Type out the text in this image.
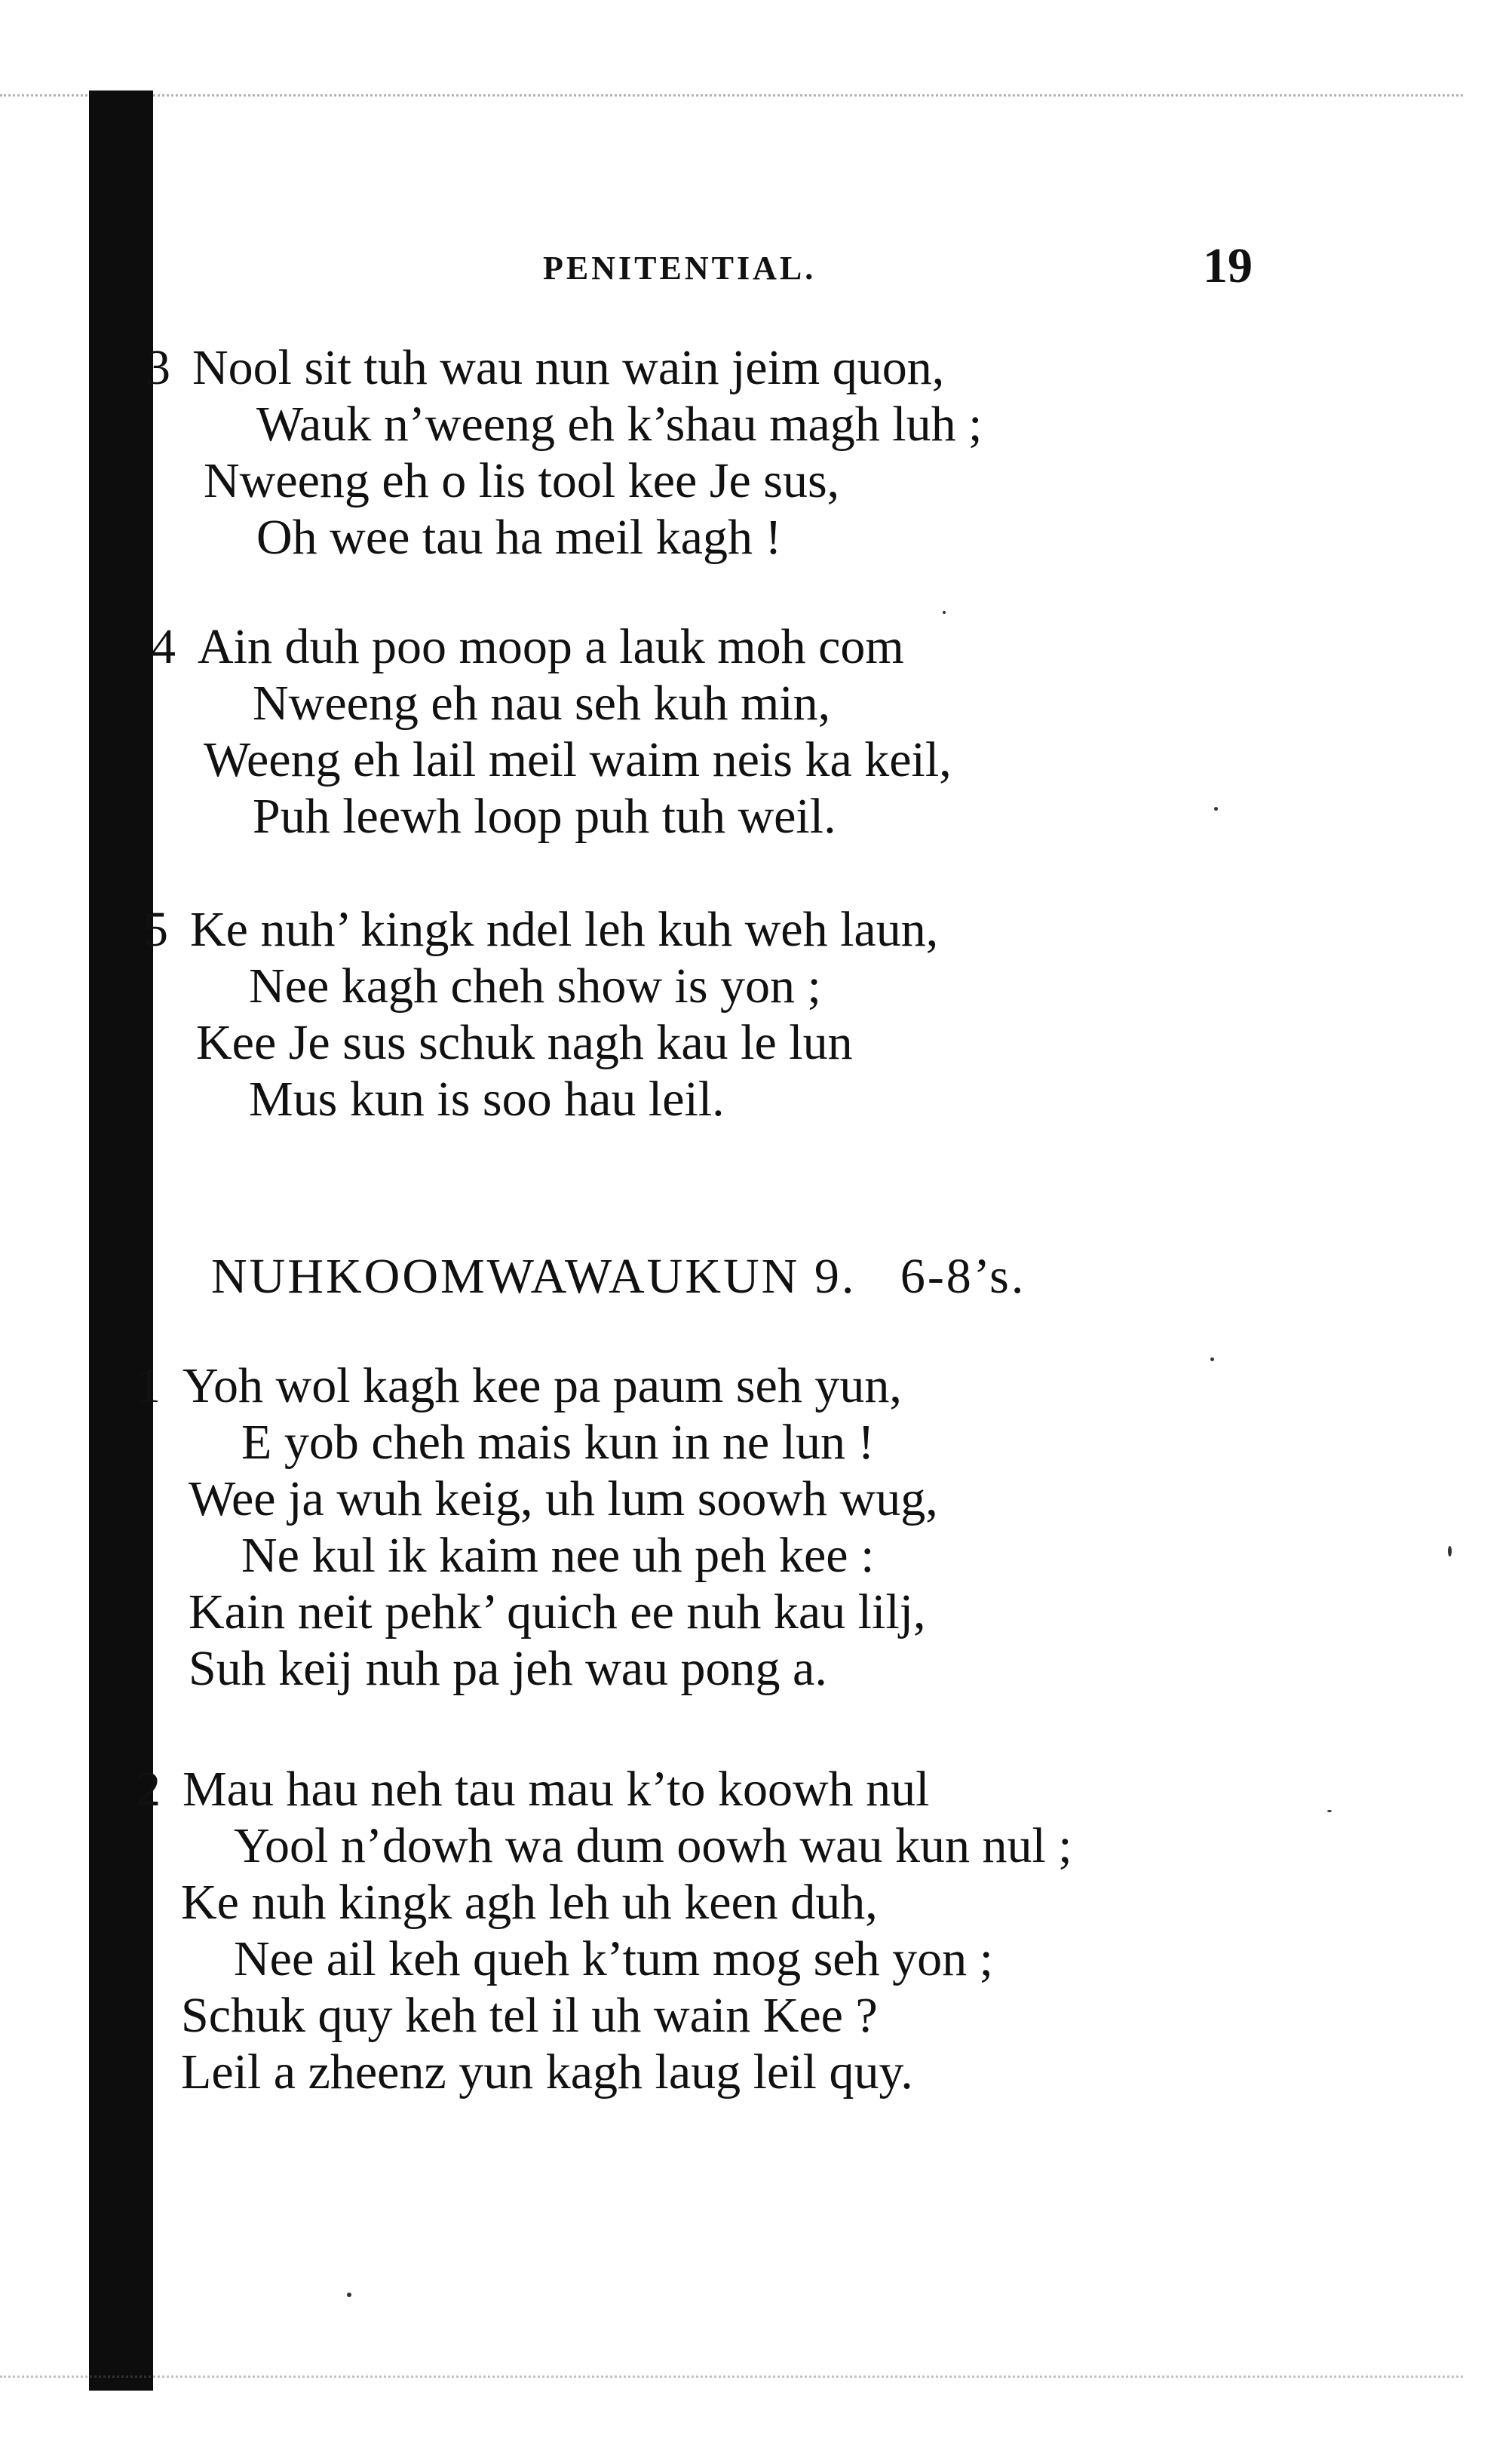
PENITENTIAL.	19
3 Nool sit tuh wau nun wain jeim quon,
Wauk n’weeng eh k’shau magh luh ;
Nweeng eh o lis tool kee Je sus,
Oh wee tau ha meil kagh !
4 Ain duh poo moop a lauk moh com
Nweeng eh nau seh kuh min,
Weeng eh lail meil waim neis ka keil,
Puh leewh loop puh tuh weil.
5 Ke nuh’ kingk ndel leh kuh weh laun,
Nee kagh cheh show is yon ;
Kee Je sus schuk nagh kau le lun
Mus kun is soo hau leil.
NUHKOOMWAWAUKUN 9. 6-8’s.
1 Yoh wol kagh kee pa paum seh yun,
E yob cheh mais kun in ne lun !
Wee ja wuh keig, uh lum soowh wug,
Ne kul ik kaim nee uh peh kee :
Kain neit pehk’ quich ee nuh kau lilj,
Suh keij nuh pa jeh wau pong a.
2 Mau hau neh tau mau k’to koowh nul
Yool n’dowh wa dum oowh wau kun nul ;
Ke nuh kingk agh leh uh keen duh,
Nee ail keh queh k’tum mog seh yon ;
Schuk quy keh tel il uh wain Kee ?
Leil a zheenz yun kagh laug leil quy.
